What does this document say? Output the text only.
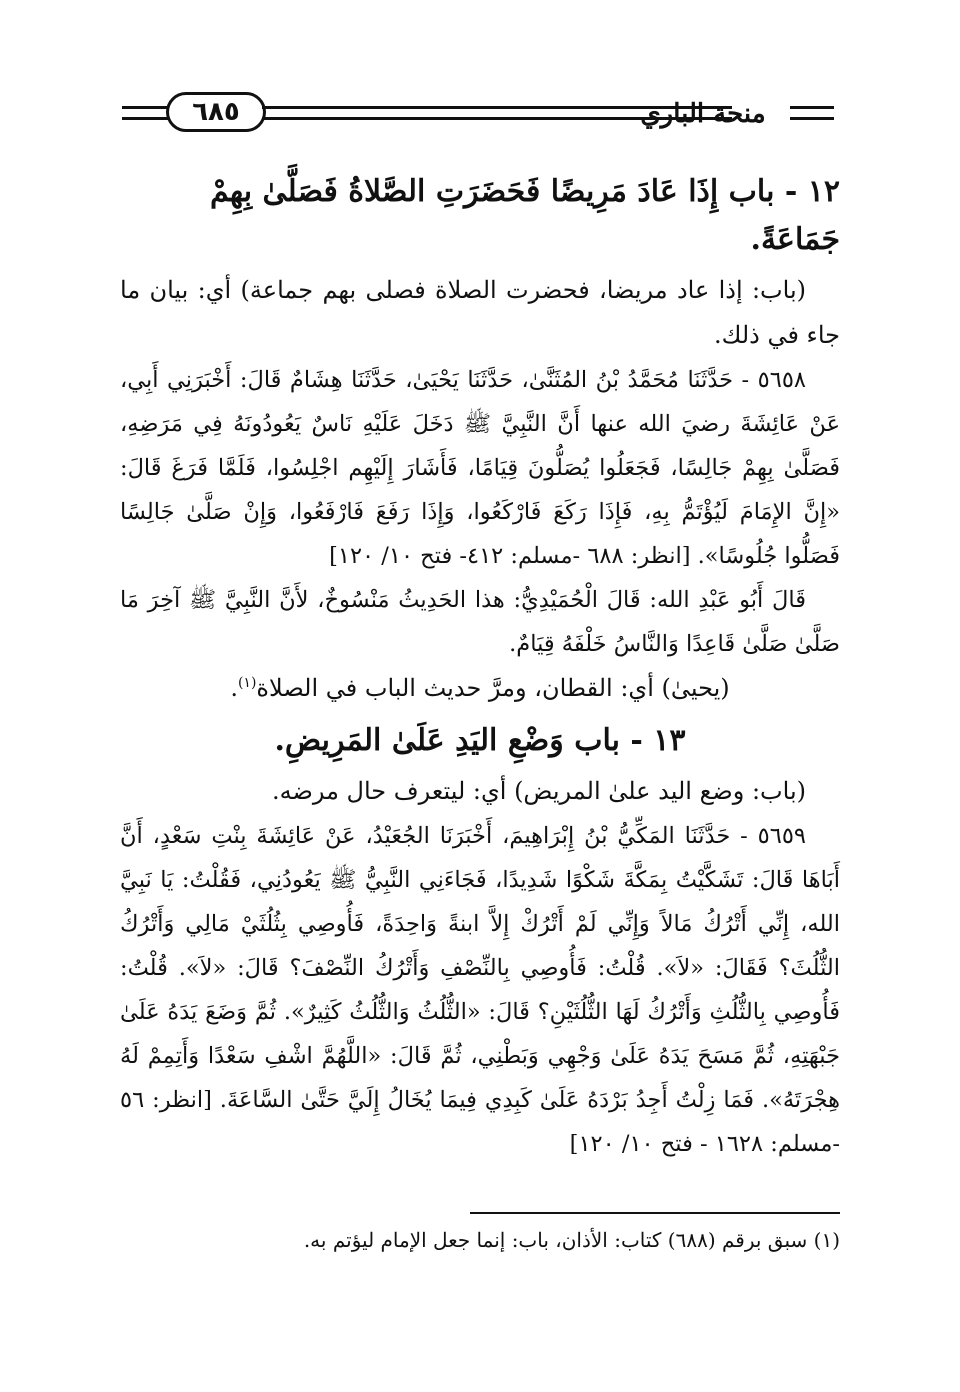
٦٨٥	منحة الباري
١٢ - باب إِذَا عَادَ مَرِيضًا فَحَضَرَتِ الصَّلاةُ فَصَلَّىٰ بِهِمْ جَمَاعَةً.

(باب: إذا عاد مريضا، فحضرت الصلاة فصلى بهم جماعة) أي: بيان ما جاء في ذلك.

٥٦٥٨ - حَدَّثَنَا مُحَمَّدُ بْنُ المُثَنَّىٰ، حَدَّثَنَا يَحْيَىٰ، حَدَّثَنَا هِشَامٌ قَالَ: أَخْبَرَنِي أَبِي، عَنْ عَائِشَةَ رضيَ الله عنها أَنَّ النَّبِيَّ ﷺ دَخَلَ عَلَيْهِ نَاسٌ يَعُودُونَهُ فِي مَرَضِهِ، فَصَلَّىٰ بِهِمْ جَالِسًا، فَجَعَلُوا يُصَلُّونَ قِيَامًا، فَأَشَارَ إِلَيْهِم اجْلِسُوا، فَلَمَّا فَرَغَ قَالَ: «إِنَّ الإِمَامَ لَيُؤْتَمُّ بِهِ، فَإِذَا رَكَعَ فَارْكَعُوا، وَإِذَا رَفَعَ فَارْفَعُوا، وَإِنْ صَلَّىٰ جَالِسًا فَصَلُّوا جُلُوسًا». [انظر: ٦٨٨ -مسلم: ٤١٢- فتح ١٠/ ١٢٠]

قَالَ أَبُو عَبْدِ الله: قَالَ الْحُمَيْدِيُّ: هذا الحَدِيثُ مَنْسُوخٌ، لأَنَّ النَّبِيَّ ﷺ آخِرَ مَا صَلَّىٰ صَلَّىٰ قَاعِدًا وَالنَّاسُ خَلْفَهُ قِيَامٌ.

(يحيىٰ) أي: القطان، ومرَّ حديث الباب في الصلاة$^{(١)}$.

١٣ - باب وَضْعِ اليَدِ عَلَىٰ المَرِيضِ.

(باب: وضع اليد علىٰ المريض) أي: ليتعرف حال مرضه.

٥٦٥٩ - حَدَّثَنَا المَكِّيُّ بْنُ إِبْرَاهِيمَ، أَخْبَرَنَا الجُعَيْدُ، عَنْ عَائِشَةَ بِنْتِ سَعْدٍ، أَنَّ أَبَاهَا قَالَ: تَشَكَّيْتُ بِمَكَّةَ شَكْوًا شَدِيدًا، فَجَاءَنِي النَّبِيُّ ﷺ يَعُودُنِي، فَقُلْتُ: يَا نَبِيَّ الله، إِنِّي أَتْرُكُ مَالاً وَإِنِّي لَمْ أَتْرُكْ إِلاَّ ابنةً وَاحِدَةً، فَأُوصِي بِثُلُثَيْ مَالِي وَأَتْرُكُ الثُّلُثَ؟ فَقَالَ: «لاَ». قُلْتُ: فَأُوصِي بِالنِّصْفِ وَأَتْرُكُ النِّصْفَ؟ قَالَ: «لاَ». قُلْتُ: فَأُوصِي بِالثُّلُثِ وَأَتْرُكُ لَهَا الثُّلُثَيْنِ؟ قَالَ: «الثُّلُثُ وَالثُّلُثُ كَثِيرٌ». ثُمَّ وَضَعَ يَدَهُ عَلَىٰ جَبْهَتِهِ، ثُمَّ مَسَحَ يَدَهُ عَلَىٰ وَجْهِي وَبَطْنِي، ثُمَّ قَالَ: «اللَّهُمَّ اشْفِ سَعْدًا وَأَتِمِمْ لَهُ هِجْرَتَهُ». فَمَا زِلْتُ أَجِدُ بَرْدَهُ عَلَىٰ كَبِدِي فِيمَا يُخَالُ إِلَيَّ حَتَّىٰ السَّاعَةَ. [انظر: ٥٦ -مسلم: ١٦٢٨ - فتح ١٠/ ١٢٠]

(١) سبق برقم (٦٨٨) كتاب: الأذان، باب: إنما جعل الإمام ليؤتم به.
